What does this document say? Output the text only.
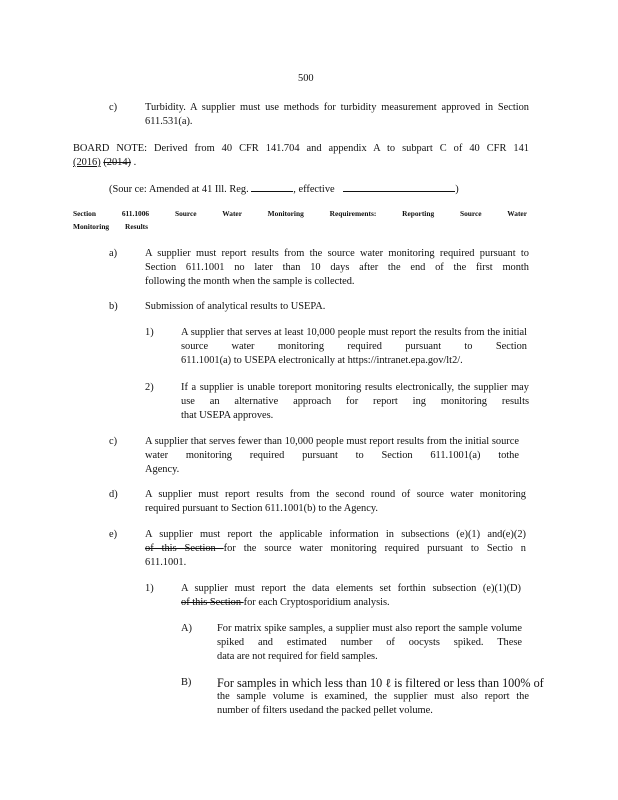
500
c)	Turbidity. A supplier must use methods for turbidity measurement approved in Section 611.531(a).
BOARD NOTE: Derived from 40 CFR 141.704 and appendix A to subpart C of 40 CFR 141
(2016) (2014) .
(Sour ce: Amended at 41 Ill. Reg.	, effective	)
Section 611.1006 Source Water Monitoring Requirements: Reporting Source Water
Monitoring Results
a)	A supplier must report results from the source water monitoring required pursuant to Section 611.1001 no later than 10 days after the end of the first month
following the month when the sample is collected.
b)	Submission of analytical results to USEPA.
1)	A supplier that serves at least 10,000 people must report the results from the initial source water monitoring required pursuant to Section
611.1001(a) to USEPA electronically at https://intranet.epa.gov/lt2/.
2)	If a supplier is unable toreport monitoring results electronically, the supplier may use an alternative approach for report ing monitoring results
that USEPA approves.
c)	A supplier that serves fewer than 10,000 people must report results from the initial source water monitoring required pursuant to Section 611.1001(a) tothe
Agency.
d)	A supplier must report results from the second round of source water monitoring
required pursuant to Section 611.1001(b) to the Agency.
e)	A supplier must report the applicable information in subsections (e)(1) and(e)(2)
of this Section for the source water monitoring required pursuant to Sectio n
611.1001.
1)	A supplier must report the data elements set forthin subsection (e)(1)(D)
of this Section for each Cryptosporidium analysis.
A) For matrix spike samples, a supplier must also report the sample volume spiked and estimated number of oocysts spiked. These
data are not required for field samples.
B) For samples in which less than 10 ℓ is filtered or less than 100% of
the sample volume is examined, the supplier must also report the
number of filters usedand the packed pellet volume.
